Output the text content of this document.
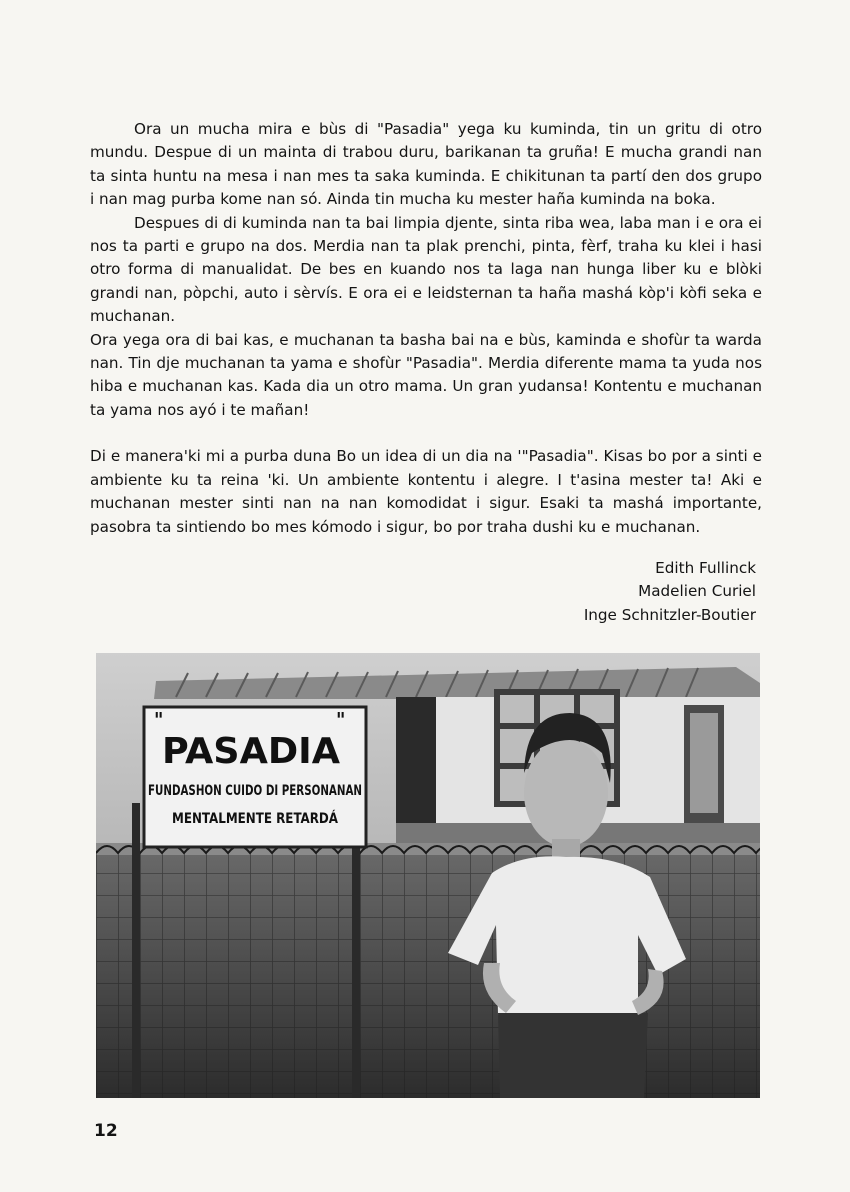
Ora un mucha mira e bùs di "Pasadia" yega ku kuminda, tin un gritu di otro mundu. Despue di un mainta di trabou duru, barikanan ta gruña! E mucha grandi nan ta sinta huntu na mesa i nan mes ta saka kuminda. E chikitunan ta partí den dos grupo i nan mag purba kome nan só. Ainda tin mucha ku mester haña kuminda na boka.

Despues di di kuminda nan ta bai limpia djente, sinta riba wea, laba man i e ora ei nos ta parti e grupo na dos. Merdia nan ta plak prenchi, pinta, fèrf, traha ku klei i hasi otro forma di manualidat. De bes en kuando nos ta laga nan hunga liber ku e blòki grandi nan, pòpchi, auto i sèrvís. E ora ei e leidsternan ta haña mashá kòp'i kòfi seka e muchanan.

Ora yega ora di bai kas, e muchanan ta basha bai na e bùs, kaminda e shofùr ta warda nan. Tin dje muchanan ta yama e shofùr "Pasadia". Merdia diferente mama ta yuda nos hiba e muchanan kas. Kada dia un otro mama. Un gran yudansa! Kontentu e muchanan ta yama nos ayó i te mañan!

Di e manera'ki mi a purba duna Bo un idea di un dia na '"Pasadia". Kisas bo por a sinti e ambiente ku ta reina 'ki. Un ambiente kontentu i alegre. I t'asina mester ta! Aki e muchanan mester sinti nan na nan komodidat i sigur. Esaki ta mashá importante, pasobra ta sintiendo bo mes kómodo i sigur, bo por traha dushi ku e muchanan.

Edith Fullinck
Madelien Curiel
Inge Schnitzler-Boutier
"	"
PASADIA
FUNDASHON CUIDO DI PERSONANAN
MENTALMENTE RETARDÁ
12
